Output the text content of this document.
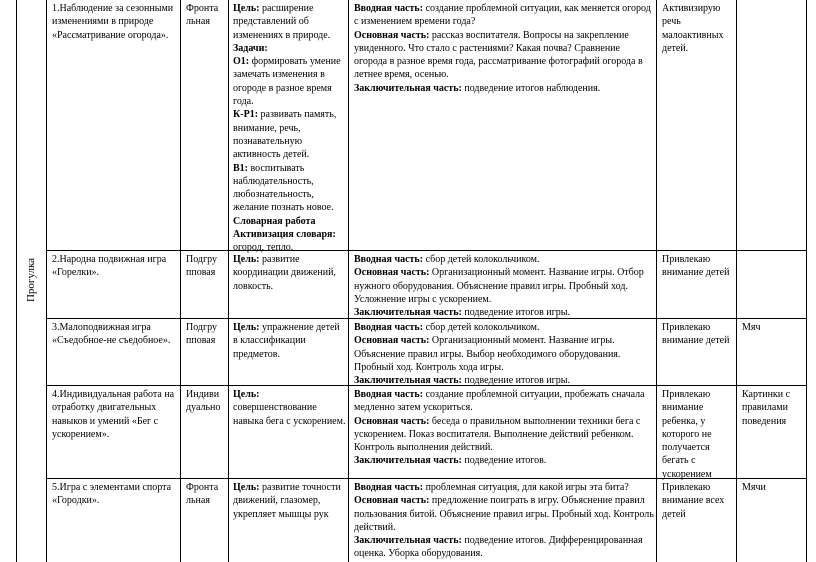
Прогулка
1.Наблюдение за сезонными изменениями в природе «Рассматривание огорода».
Фронта
льная
Цель: расширение представлений об изменениях в природе.
Задачи:
О1: формировать умение замечать изменения в огороде в разное время года.
К-Р1: развивать память, внимание, речь, познавательную активность детей.
В1: воспитывать наблюдательность, любознательность, желание познать новое.
Словарная работа
Активизация словаря: огород, тепло.
Вводная часть: создание проблемной ситуации, как меняется огород с изменением времени года?
Основная часть: рассказ воспитателя. Вопросы на закрепление увиденного. Что стало с растениями? Какая почва? Сравнение огорода в разное время года, рассматривание фотографий огорода в летнее время, осенью.
Заключительная часть: подведение итогов наблюдения.
Активизирую речь малоактивных детей.
2.Народна подвижная игра «Горелки».
Подгру
пповая
Цель: развитие координации движений, ловкость.
Вводная часть: сбор детей колокольчиком.
Основная часть: Организационный момент. Название игры. Отбор нужного оборудования. Объяснение правил игры. Пробный ход. Усложнение игры с ускорением.
Заключительная часть: подведение итогов игры.
Привлекаю внимание детей
3.Малоподвижная игра «Съедобное-не съедобное».
Подгру
пповая
Цель: упражнение детей в классификации предметов.
Вводная часть: сбор детей колокольчиком.
Основная часть: Организационный момент. Название игры. Объяснение правил игры. Выбор необходимого оборудования. Пробный ход. Контроль хода игры.
Заключительная часть: подведение итогов игры.
Привлекаю внимание детей
Мяч
4.Индивидуальная работа на отработку двигательных навыков и умений «Бег с ускорением».
Индиви
дуально
Цель:
совершенствование навыка бега с ускорением.
Вводная часть: создание проблемной ситуации, пробежать сначала медленно затем ускориться.
Основная часть: беседа о правильном выполнении техники бега с ускорением. Показ воспитателя. Выполнение действий ребенком. Контроль выполнения действий.
Заключительная часть: подведение итогов.
Привлекаю внимание ребенка, у которого не получается бегать с ускорением
Картинки с правилами поведения
5.Игра с элементами спорта «Городки».
Фронта
льная
Цель: развитие точности движений, глазомер, укрепляет мышцы рук
Вводная часть: проблемная ситуация, для какой игры эта бита?
Основная часть: предложение поиграть в игру. Объяснение правил пользования битой. Объяснение правил игры. Пробный ход. Контроль действий.
Заключительная часть: подведение итогов. Дифференцированная оценка. Уборка оборудования.
Привлекаю внимание всех детей
Мячи
